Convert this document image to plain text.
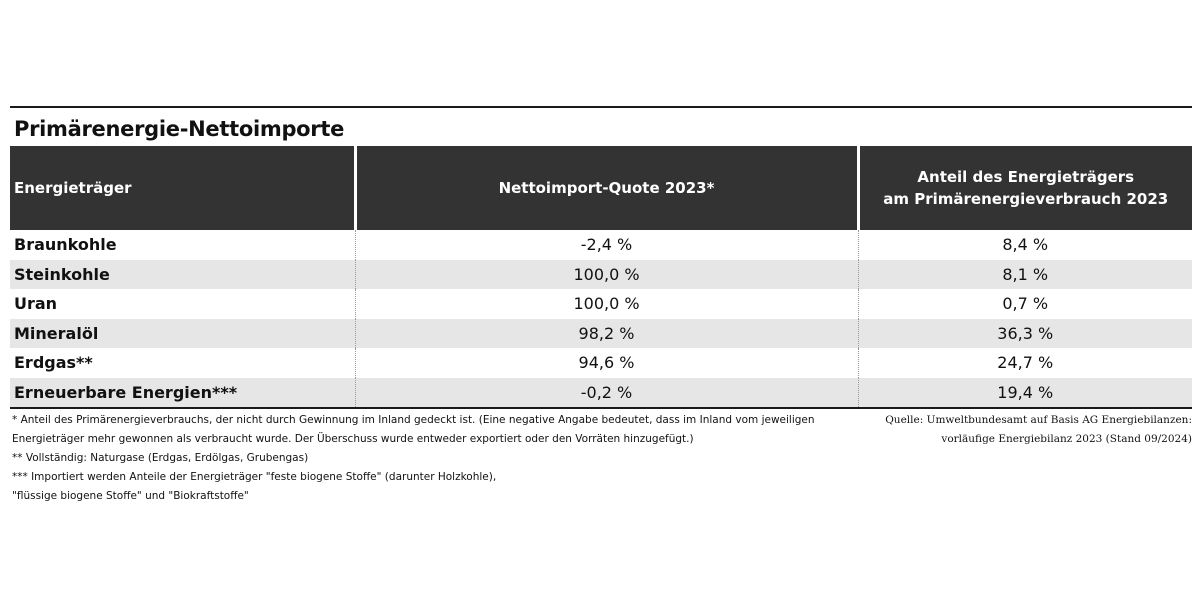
Primärenergie-Nettoimporte
Energieträger	Nettoimport-Quote 2023*	Anteil des Energieträgers
am Primärenergieverbrauch 2023

Braunkohle	-2,4 %	8,4 %
Steinkohle	100,0 %	8,1 %
Uran	100,0 %	0,7 %
Mineralöl	98,2 %	36,3 %
Erdgas**	94,6 %	24,7 %
Erneuerbare Energien***	-0,2 %	19,4 %
* Anteil des Primärenergieverbrauchs, der nicht durch Gewinnung im Inland gedeckt ist. (Eine negative Angabe bedeutet, dass im Inland vom jeweiligen
Energieträger mehr gewonnen als verbraucht wurde. Der Überschuss wurde entweder exportiert oder den Vorräten hinzugefügt.)
** Vollständig: Naturgase (Erdgas, Erdölgas, Grubengas)
*** Importiert werden Anteile der Energieträger "feste biogene Stoffe" (darunter Holzkohle),
"flüssige biogene Stoffe" und "Biokraftstoffe"
Quelle: Umweltbundesamt auf Basis AG Energiebilanzen:
vorläufige Energiebilanz 2023 (Stand 09/2024)
